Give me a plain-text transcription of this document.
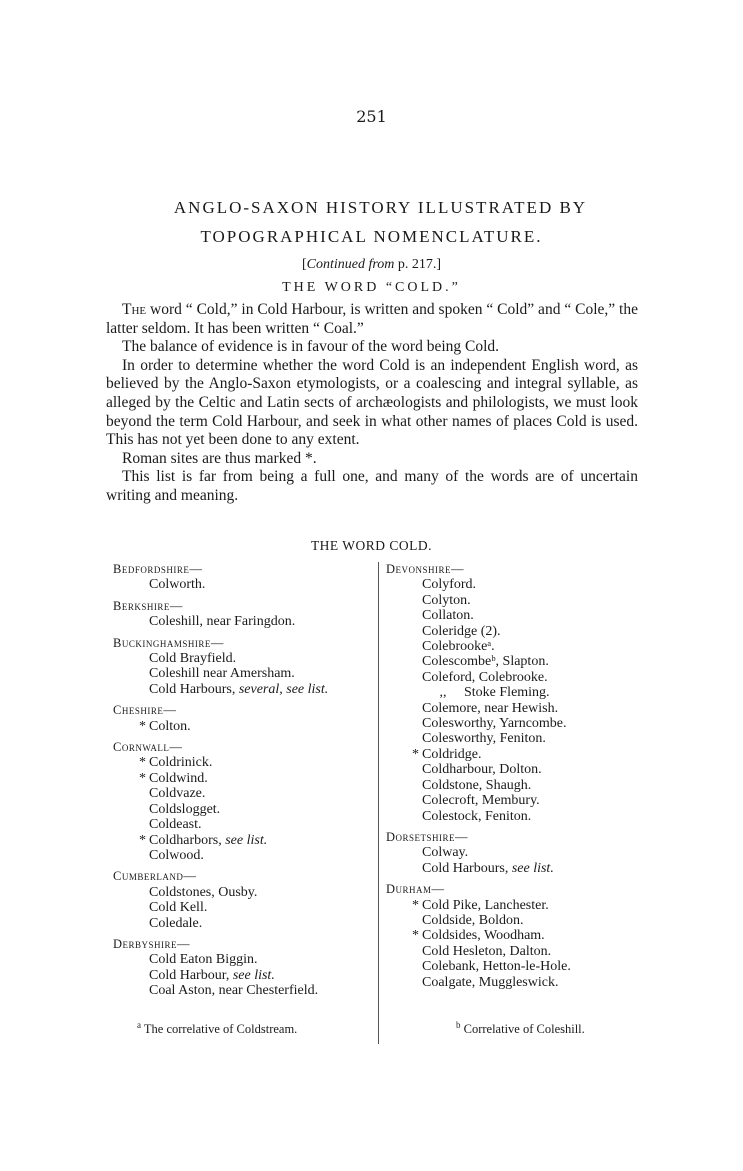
251
ANGLO-SAXON HISTORY ILLUSTRATED BY
TOPOGRAPHICAL NOMENCLATURE.
[Continued from p. 217.]
THE WORD “COLD.”

The word “ Cold,” in Cold Harbour, is written and spoken “ Cold” and “ Cole,” the latter seldom. It has been written “ Coal.”

The balance of evidence is in favour of the word being Cold.

In order to determine whether the word Cold is an independent English word, as believed by the Anglo-Saxon etymologists, or a coalescing and integral syllable, as alleged by the Celtic and Latin sects of archæologists and philologists, we must look beyond the term Cold Harbour, and seek in what other names of places Cold is used. This has not yet been done to any extent.

Roman sites are thus marked *.

This list is far from being a full one, and many of the words are of uncertain writing and meaning.

THE WORD COLD.
Bedfordshire—
Colworth.
Berkshire—
Coleshill, near Faringdon.
Buckinghamshire—
Cold Brayfield.
Coleshill near Amersham.
Cold Harbours, several, see list.
Cheshire—
* Colton.
Cornwall—
* Coldrinick.
* Coldwind.
Coldvaze.
Coldslogget.
Coldeast.
* Coldharbors, see list.
Colwood.
Cumberland—
Coldstones, Ousby.
Cold Kell.
Coledale.
Derbyshire—
Cold Eaton Biggin.
Cold Harbour, see list.
Coal Aston, near Chesterfield.
Devonshire—
Colyford.
Colyton.
Collaton.
Coleridge (2).
Colebrookeᵃ.
Colescombeᵇ, Slapton.
Coleford, Colebrooke.
,,     Stoke Fleming.
Colemore, near Hewish.
Colesworthy, Yarncombe.
Colesworthy, Feniton.
* Coldridge.
Coldharbour, Dolton.
Coldstone, Shaugh.
Colecroft, Membury.
Colestock, Feniton.
Dorsetshire—
Colway.
Cold Harbours, see list.
Durham—
* Cold Pike, Lanchester.
Coldside, Boldon.
* Coldsides, Woodham.
Cold Hesleton, Dalton.
Colebank, Hetton-le-Hole.
Coalgate, Muggleswick.
$^a$ The correlative of Coldstream.	$^b$ Correlative of Coleshill.
